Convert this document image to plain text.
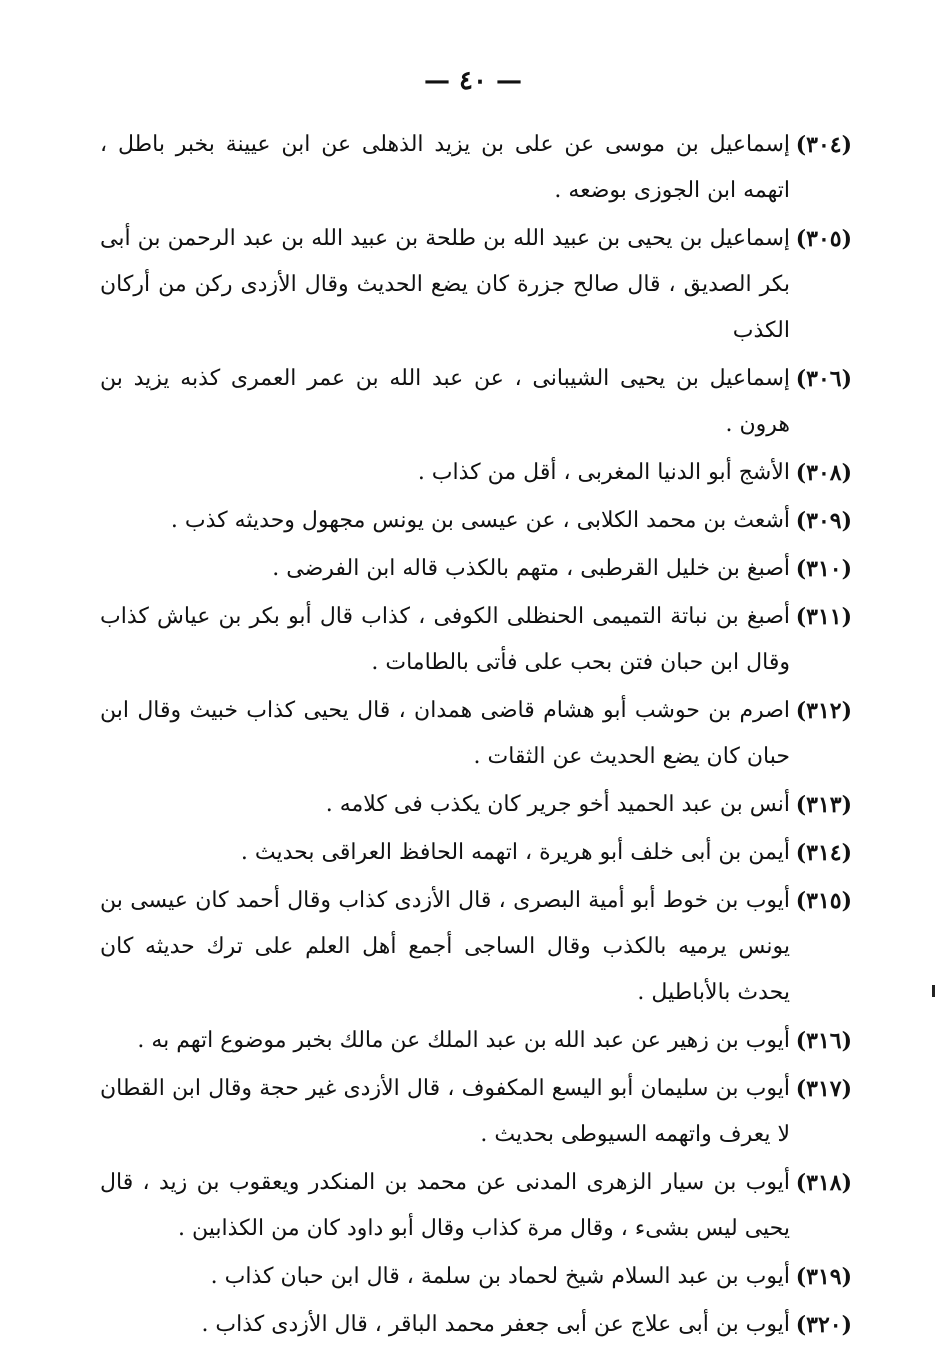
— ٤٠ —
(٣٠٤)
إسماعيل بن موسى عن على بن يزيد الذهلى عن ابن عيينة بخبر باطل ، اتهمه ابن الجوزى بوضعه .
(٣٠٥)
إسماعيل بن يحيى بن عبيد الله بن طلحة بن عبيد الله بن عبد الرحمن بن أبى بكر الصديق ، قال صالح جزرة كان يضع الحديث وقال الأزدى ركن من أركان الكذب
(٣٠٦)
إسماعيل بن يحيى الشيبانى ، عن عبد الله بن عمر العمرى كذبه يزيد بن هرون .
(٣٠٨)
الأشج أبو الدنيا المغربى ، أقل من كذاب .
(٣٠٩)
أشعث بن محمد الكلابى ، عن عيسى بن يونس مجهول وحديثه كذب .
(٣١٠)
أصبغ بن خليل القرطبى ، متهم بالكذب قاله ابن الفرضى .
(٣١١)
أصبغ بن نباتة التميمى الحنظلى الكوفى ، كذاب قال أبو بكر بن عياش كذاب وقال ابن حبان فتن بحب على فأتى بالطامات .
(٣١٢)
اصرم بن حوشب أبو هشام قاضى همدان ، قال يحيى كذاب خبيث وقال ابن حبان كان يضع الحديث عن الثقات .
(٣١٣)
أنس بن عبد الحميد أخو جرير كان يكذب فى كلامه .
(٣١٤)
أيمن بن أبى خلف أبو هريرة ، اتهمه الحافظ العراقى بحديث .
(٣١٥)
أيوب بن خوط أبو أمية البصرى ، قال الأزدى كذاب وقال أحمد كان عيسى بن يونس يرميه بالكذب وقال الساجى أجمع أهل العلم على ترك حديثه كان يحدث بالأباطيل .
(٣١٦)
أيوب بن زهير عن عبد الله بن عبد الملك عن مالك بخبر موضوع اتهم به .
(٣١٧)
أيوب بن سليمان أبو اليسع المكفوف ، قال الأزدى غير حجة وقال ابن القطان لا يعرف واتهمه السيوطى بحديث .
(٣١٨)
أيوب بن سيار الزهرى المدنى عن محمد بن المنكدر ويعقوب بن زيد ، قال يحيى ليس بشىء ، وقال مرة كذاب وقال أبو داود كان من الكذابين .
(٣١٩)
أيوب بن عبد السلام شيخ لحماد بن سلمة ، قال ابن حبان كذاب .
(٣٢٠)
أيوب بن أبى علاج عن أبى جعفر محمد الباقر ، قال الأزدى كذاب .
